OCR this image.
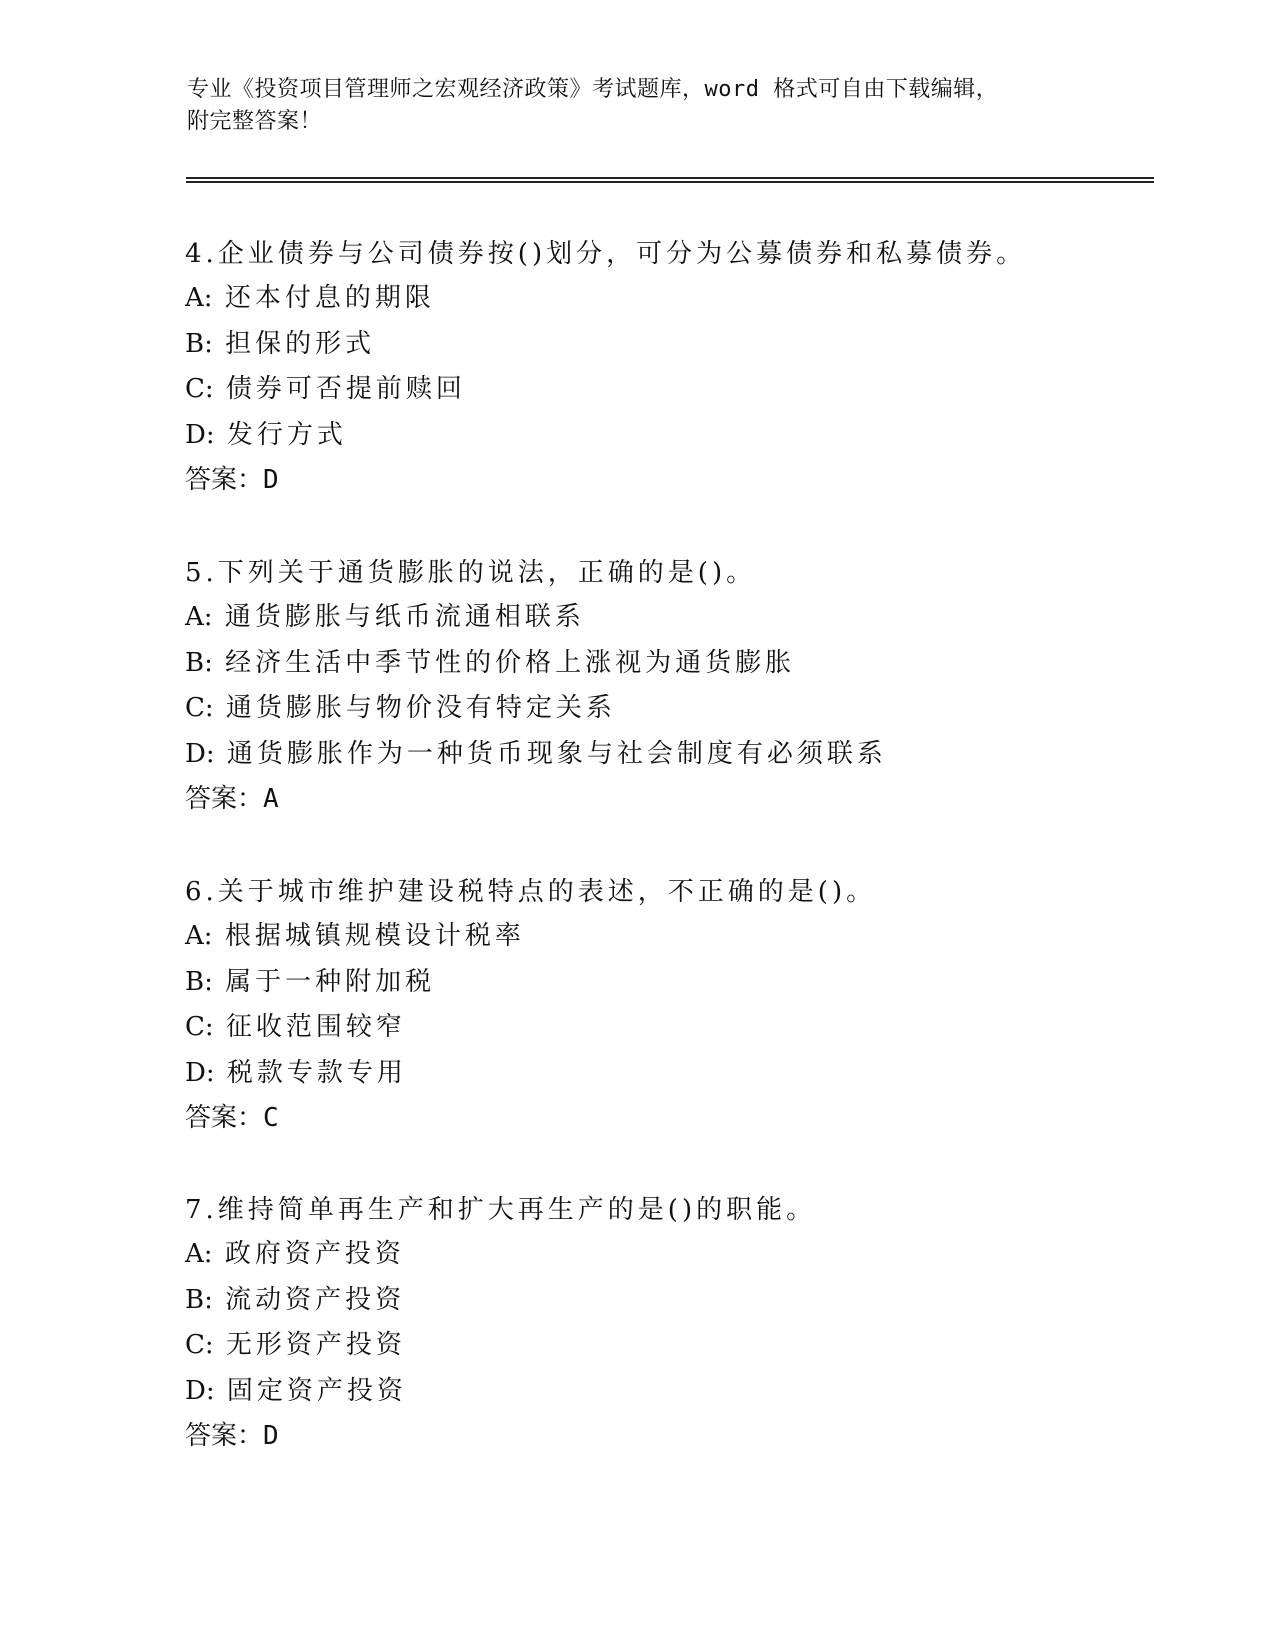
专业《投资项目管理师之宏观经济政策》考试题库，word 格式可自由下载编辑，
附完整答案！
4.企业债券与公司债券按()划分，可分为公募债券和私募债券。
A: 还本付息的期限
B: 担保的形式
C: 债券可否提前赎回
D: 发行方式
答案：D
5.下列关于通货膨胀的说法，正确的是()。
A: 通货膨胀与纸币流通相联系
B: 经济生活中季节性的价格上涨视为通货膨胀
C: 通货膨胀与物价没有特定关系
D: 通货膨胀作为一种货币现象与社会制度有必须联系
答案：A
6.关于城市维护建设税特点的表述，不正确的是()。
A: 根据城镇规模设计税率
B: 属于一种附加税
C: 征收范围较窄
D: 税款专款专用
答案：C
7.维持简单再生产和扩大再生产的是()的职能。
A: 政府资产投资
B: 流动资产投资
C: 无形资产投资
D: 固定资产投资
答案：D
